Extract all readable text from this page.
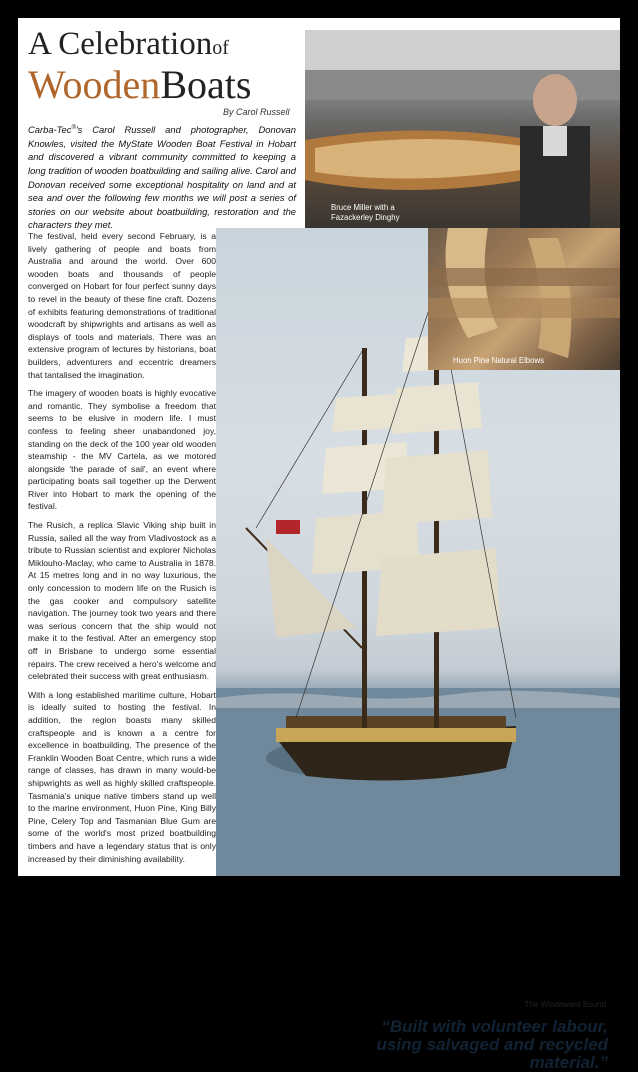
A Celebrationof
WoodenBoats
By Carol Russell
Carba-Tec®'s Carol Russell and photographer, Donovan Knowles, visited the MyState Wooden Boat Festival in Hobart and discovered a vibrant community committed to keeping a long tradition of wooden boatbuilding and sailing alive. Carol and Donovan received some exceptional hospitality on land and at sea and over the following few months we will post a series of stories on our website about boatbuilding, restoration and the characters they met.

The festival, held every second February, is a lively gathering of people and boats from Australia and around the world. Over 600 wooden boats and thousands of people converged on Hobart for four perfect sunny days to revel in the beauty of these fine craft. Dozens of exhibits featuring demonstrations of traditional woodcraft by shipwrights and artisans as well as displays of tools and materials. There was an extensive program of lectures by historians, boat builders, adventurers and eccentric dreamers that tantalised the imagination.

The imagery of wooden boats is highly evocative and romantic. They symbolise a freedom that seems to be elusive in modern life. I must confess to feeling sheer unabandoned joy, standing on the deck of the 100 year old wooden steamship - the MV Cartela, as we motored alongside 'the parade of sail', an event where participating boats sail together up the Derwent River into Hobart to mark the opening of the festival.

The Rusich, a replica Slavic Viking ship built in Russia, sailed all the way from Vladivostock as a tribute to Russian scientist and explorer Nicholas Miklouho-Maclay, who came to Australia in 1878. At 15 metres long and in no way luxurious, the only concession to modern life on the Rusich is the gas cooker and compulsory satellite navigation. The journey took two years and there was serious concern that the ship would not make it to the festival. After an emergency stop off in Brisbane to undergo some essential repairs. The crew received a hero's welcome and celebrated their success with great enthusiasm.

With a long established maritime culture, Hobart is ideally suited to hosting the festival. In addition, the region boasts many skilled craftspeople and is known a a centre for excellence in boatbuilding. The presence of the Franklin Wooden Boat Centre, which runs a wide range of classes, has drawn in many would-be shipwrights as well as highly skilled craftspeople. Tasmania's unique native timbers stand up well to the marine environment, Huon Pine, King Billy Pine, Celery Top and Tasmanian Blue Gum are some of the world's most prized boatbuilding timbers and have a legendary status that is only increased by their diminishing availability.

The Windeward Bound
“Built with volunteer labour,
using salvaged and recycled
material.”
Bruce Miller with a
Fazackerley Dinghy
Huon Pine Natural Elbows
